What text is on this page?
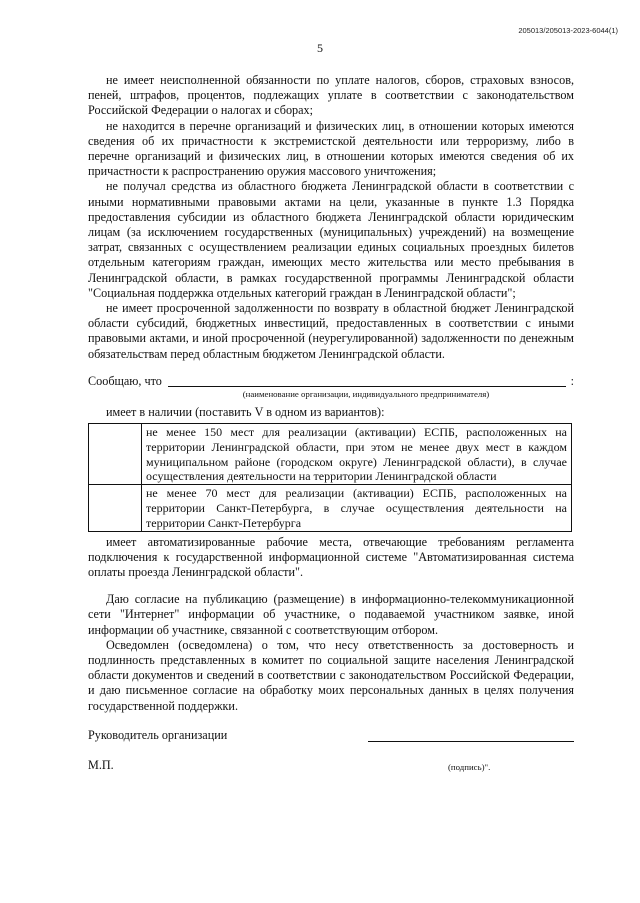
205013/205013-2023-6044(1)
5

не имеет неисполненной обязанности по уплате налогов, сборов, страховых взносов, пеней, штрафов, процентов, подлежащих уплате в соответствии с законодательством Российской Федерации о налогах и сборах;

не находится в перечне организаций и физических лиц, в отношении которых имеются сведения об их причастности к экстремистской деятельности или терроризму, либо в перечне организаций и физических лиц, в отношении которых имеются сведения об их причастности к распространению оружия массового уничтожения;

не получал средства из областного бюджета Ленинградской области в соответствии с иными нормативными правовыми актами на цели, указанные в пункте 1.3 Порядка предоставления субсидии из областного бюджета Ленинградской области юридическим лицам (за исключением государственных (муниципальных) учреждений) на возмещение затрат, связанных с осуществлением реализации единых социальных проездных билетов отдельным категориям граждан, имеющих место жительства или место пребывания в Ленинградской области, в рамках государственной программы Ленинградской области "Социальная поддержка отдельных категорий граждан в Ленинградской области";

не имеет просроченной задолженности по возврату в областной бюджет Ленинградской области субсидий, бюджетных инвестиций, предоставленных в соответствии с иными правовыми актами, и иной просроченной (неурегулированной) задолженности по денежным обязательствам перед областным бюджетом Ленинградской области.

Сообщаю, что	:
(наименование организации, индивидуального предпринимателя)

имеет в наличии (поставить V в одном из вариантов):

	не менее 150 мест для реализации (активации) ЕСПБ, расположенных на территории Ленинградской области, при этом не менее двух мест в каждом муниципальном районе (городском округе) Ленинградской области), в случае осуществления деятельности на территории Ленинградской области
	не менее 70 мест для реализации (активации) ЕСПБ, расположенных на территории Санкт-Петербурга, в случае осуществления деятельности на территории Санкт-Петербурга

имеет автоматизированные рабочие места, отвечающие требованиям регламента подключения к государственной информационной системе "Автоматизированная система оплаты проезда Ленинградской области".

Даю согласие на публикацию (размещение) в информационно-телекоммуникационной сети "Интернет" информации об участнике, о подаваемой участником заявке, иной информации об участнике, связанной с соответствующим отбором.

Осведомлен (осведомлена) о том, что несу ответственность за достоверность и подлинность представленных в комитет по социальной защите населения Ленинградской области документов и сведений в соответствии с законодательством Российской Федерации, и даю письменное согласие на обработку моих персональных данных в целях получения государственной поддержки.

Руководитель организации
М.П.	(подпись)".
